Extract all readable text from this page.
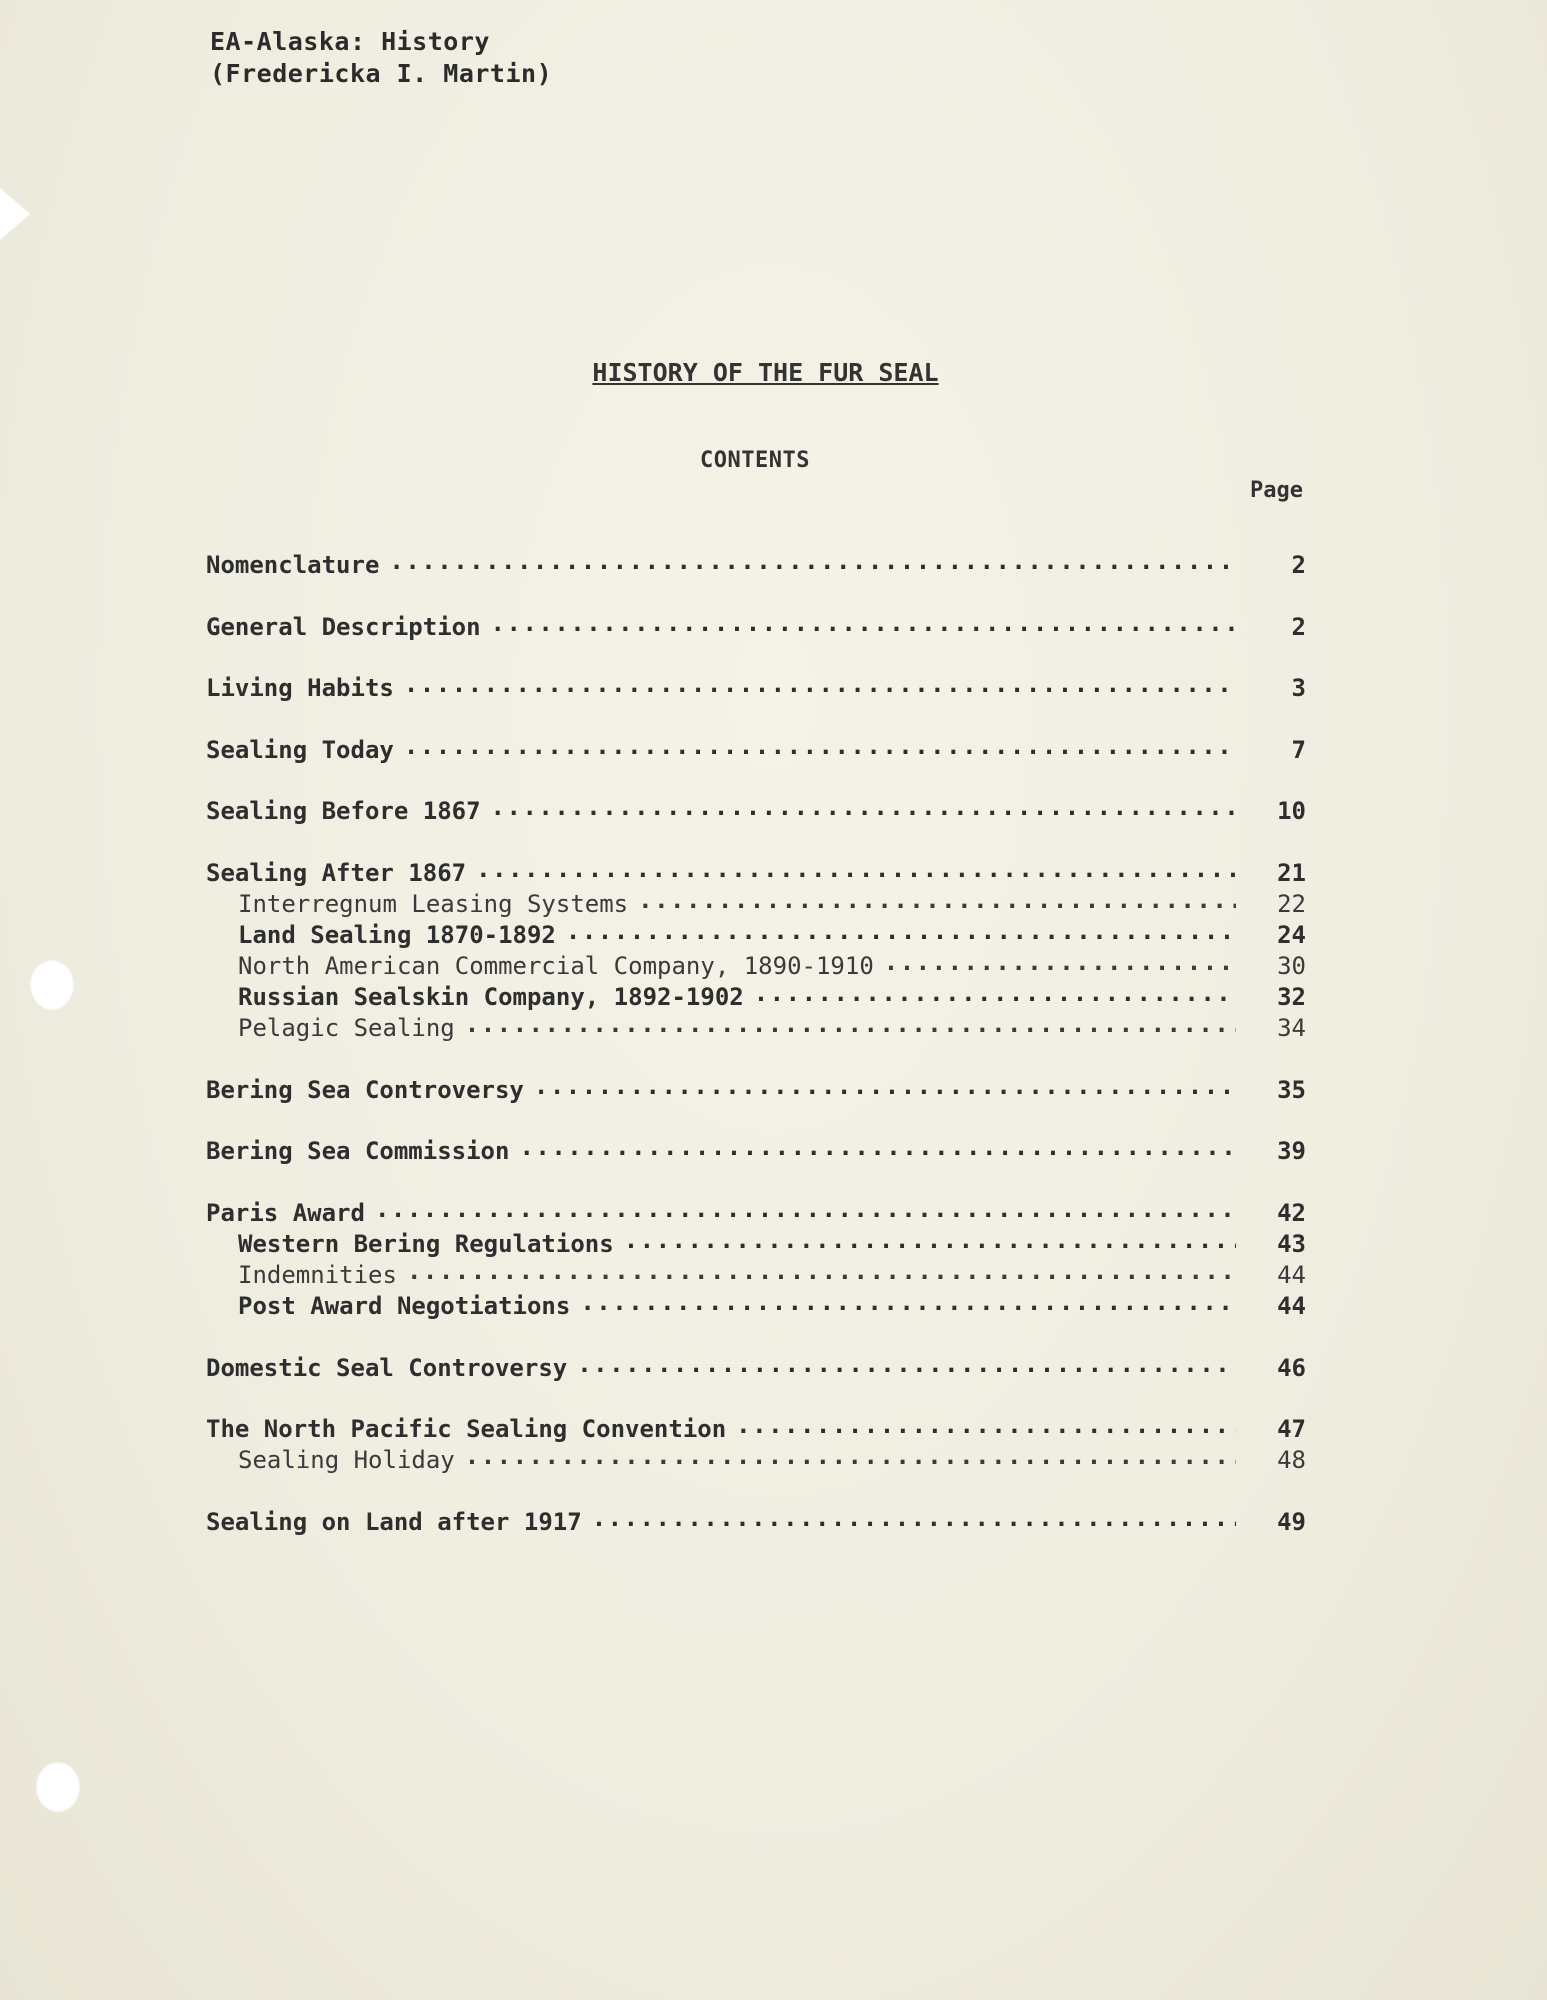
EA-Alaska: History
(Fredericka I. Martin)
HISTORY OF THE FUR SEAL
CONTENTS
Page
Nomenclature .....	2
General Description .....	2
Living Habits .....	3
Sealing Today .....	7
Sealing Before 1867 .....	10
Sealing After 1867 .....	21
Interregnum Leasing Systems .....	22
Land Sealing 1870-1892 .....	24
North American Commercial Company, 1890-1910 .....	30
Russian Sealskin Company, 1892-1902 .....	32
Pelagic Sealing .....	34
Bering Sea Controversy .....	35
Bering Sea Commission .....	39
Paris Award .....	42
Western Bering Regulations .....	43
Indemnities .....	44
Post Award Negotiations .....	44
Domestic Seal Controversy .....	46
The North Pacific Sealing Convention .....	47
Sealing Holiday .....	48
Sealing on Land after 1917 .....	49
